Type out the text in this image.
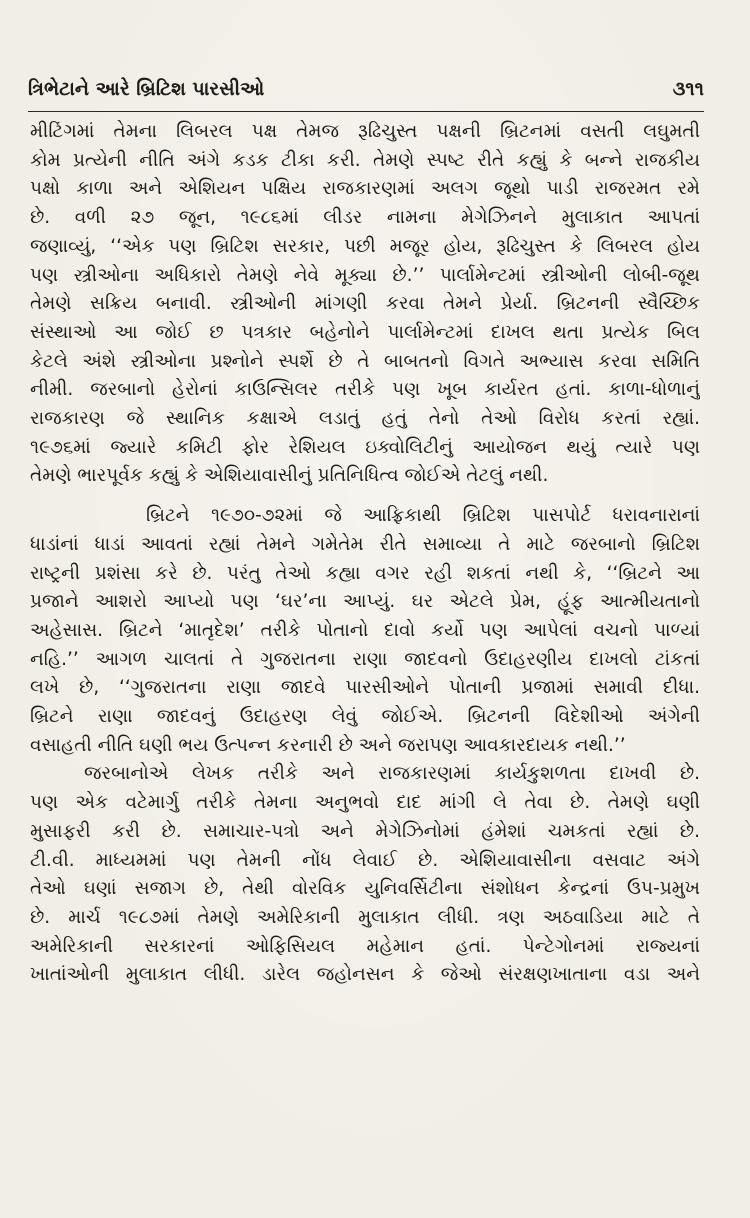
ત્રિભેટાને આરે બ્રિટિશ પારસીઓ	૩૧૧
મીટિંગમાં તેમના લિબરલ પક્ષ તેમજ રૂઢિચુસ્ત પક્ષની બ્રિટનમાં વસતી લઘુમતી
કોમ પ્રત્યેની નીતિ અંગે કડક ટીકા કરી. તેમણે સ્પષ્ટ રીતે કહ્યું કે બન્ને રાજકીય
પક્ષો કાળા અને એશિયન પક્ષિય રાજકારણમાં અલગ જૂથો પાડી રાજરમત રમે
છે. વળી ૨૭ જૂન, ૧૯૮૬માં લીડર નામના મેગેઝિનને મુલાકાત આપતાં
જણાવ્યું, ‘‘એક પણ બ્રિટિશ સરકાર, પછી મજૂર હોય, રૂઢિચુસ્ત કે લિબરલ હોય
પણ સ્ત્રીઓના અધિકારો તેમણે નેવે મૂક્યા છે.’’ પાર્લામેન્ટમાં સ્ત્રીઓની લોબી-જૂથ
તેમણે સક્રિય બનાવી. સ્ત્રીઓની માંગણી કરવા તેમને પ્રેર્યા. બ્રિટનની સ્વૈચ્છિક
સંસ્થાઓ આ જોઈ છ પત્રકાર બહેનોને પાર્લામેન્ટમાં દાખલ થતા પ્રત્યેક બિલ
કેટલે અંશે સ્ત્રીઓના પ્રશ્નોને સ્પર્શે છે તે બાબતનો વિગતે અભ્યાસ કરવા સમિતિ
નીમી. જરબાનો હેરોનાં કાઉન્સિલર તરીકે પણ ખૂબ કાર્યરત હતાં. કાળા-ધોળાનું
રાજકારણ જે સ્થાનિક કક્ષાએ લડાતું હતું તેનો તેઓ વિરોધ કરતાં રહ્યાં.
૧૯૭૬માં જ્યારે કમિટી ફોર રેશિયલ ઇક્વોલિટીનું આયોજન થયું ત્યારે પણ
તેમણે ભારપૂર્વક કહ્યું કે એશિયાવાસીનું પ્રતિનિધિત્વ જોઈએ તેટલું નથી.
બ્રિટને ૧૯૭૦-૭૨માં જે આફ્રિકાથી બ્રિટિશ પાસપોર્ટ ધરાવનારાનાં
ધાડાંનાં ધાડાં આવતાં રહ્યાં તેમને ગમેતેમ રીતે સમાવ્યા તે માટે જરબાનો બ્રિટિશ
રાષ્ટ્રની પ્રશંસા કરે છે. પરંતુ તેઓ કહ્યા વગર રહી શકતાં નથી કે, ‘‘બ્રિટને આ
પ્રજાને આશરો આપ્યો પણ ‘ઘર’ના આપ્યું. ઘર એટલે પ્રેમ, હૂંફ આત્મીયતાનો
અહેસાસ. બ્રિટને ‘માતૃદેશ’ તરીકે પોતાનો દાવો કર્યો પણ આપેલાં વચનો પાળ્યાં
નહિ.’’ આગળ ચાલતાં તે ગુજરાતના રાણા જાદવનો ઉદાહરણીય દાખલો ટાંકતાં
લખે છે, ‘‘ગુજરાતના રાણા જાદવે પારસીઓને પોતાની પ્રજામાં સમાવી દીધા.
બ્રિટને રાણા જાદવનું ઉદાહરણ લેવું જોઈએ. બ્રિટનની વિદેશીઓ અંગેની
વસાહતી નીતિ ઘણી ભય ઉત્પન્ન કરનારી છે અને જરાપણ આવકારદાયક નથી.’’
જરબાનોએ લેખક તરીકે અને રાજકારણમાં કાર્યકુશળતા દાખવી છે.
પણ એક વટેમાર્ગુ તરીકે તેમના અનુભવો દાદ માંગી લે તેવા છે. તેમણે ઘણી
મુસાફરી કરી છે. સમાચાર-પત્રો અને મેગેઝિનોમાં હંમેશાં ચમકતાં રહ્યાં છે.
ટી.વી. માધ્યમમાં પણ તેમની નોંધ લેવાઈ છે. એશિયાવાસીના વસવાટ અંગે
તેઓ ઘણાં સજાગ છે, તેથી વોરવિક યુનિવર્સિટીના સંશોધન કેન્દ્રનાં ઉપ-પ્રમુખ
છે. માર્ચ ૧૯૮૭માં તેમણે અમેરિકાની મુલાકાત લીધી. ત્રણ અઠવાડિયા માટે તે
અમેરિકાની સરકારનાં ઓફિસિયલ મહેમાન હતાં. પેન્ટેગોનમાં રાજ્યનાં
ખાતાંઓની મુલાકાત લીધી. ડારેલ જહોનસન કે જેઓ સંરક્ષણખાતાના વડા અને
